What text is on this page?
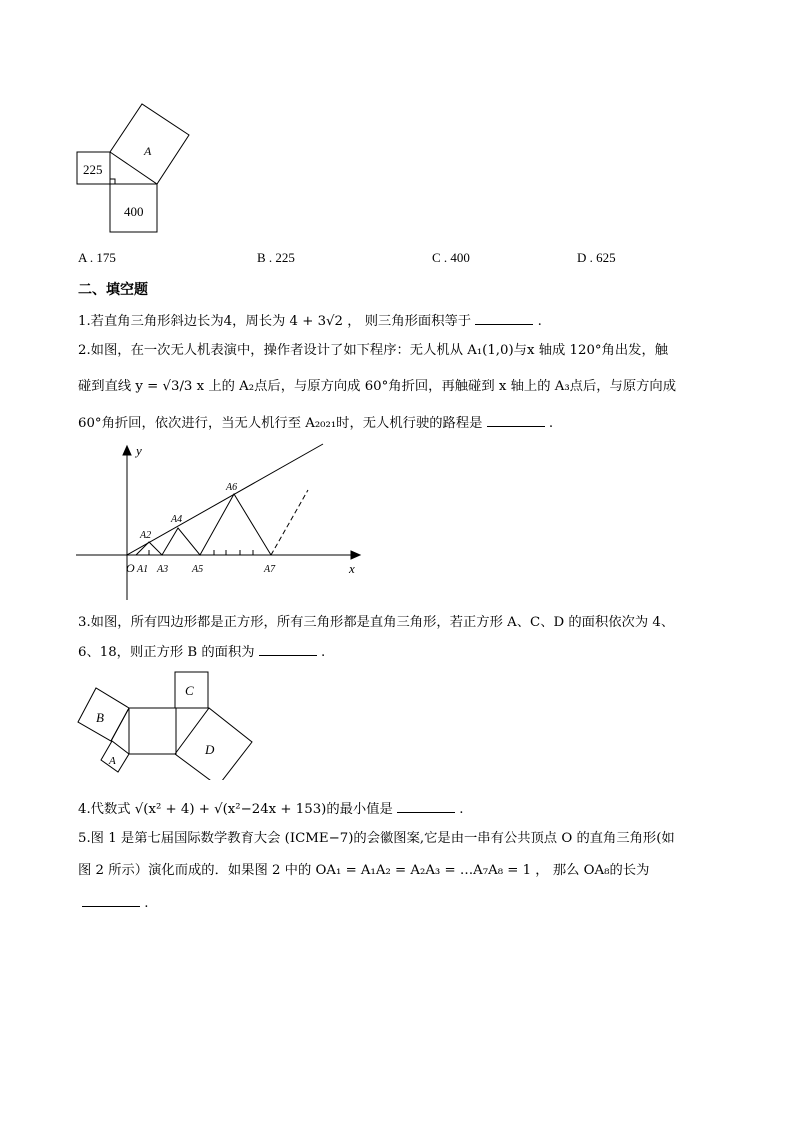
A
225
400
A . 175	B . 225	C . 400	D . 625
二、填空题
1.若直角三角形斜边长为4，周长为 4 + 3√2 ， 则三角形面积等于	.
2.如图，在一次无人机表演中，操作者设计了如下程序：无人机从 A₁(1,0)与x 轴成 120°角出发，触
碰到直线 y = √3/3 x 上的 A₂点后，与原方向成 60°角折回，再触碰到 x 轴上的 A₃点后，与原方向成
60°角折回，依次进行，当无人机行至 A₂₀₂₁时，无人机行驶的路程是	.
y
x
O A1
A2
A3
A4
A5
A6
A7
3.如图，所有四边形都是正方形，所有三角形都是直角三角形，若正方形 A、C、D 的面积依次为 4、
6、18，则正方形 B 的面积为	.
B
C
D
A
4.代数式 √(x² + 4) + √(x²−24x + 153)的最小值是	.
5.图 1 是第七届国际数学教育大会 (ICME−7)的会徽图案,它是由一串有公共顶点 O 的直角三角形(如
图 2 所示）演化而成的．如果图 2 中的 OA₁ = A₁A₂ = A₂A₃ = …A₇A₈ = 1 ， 那么 OA₈的长为
.
